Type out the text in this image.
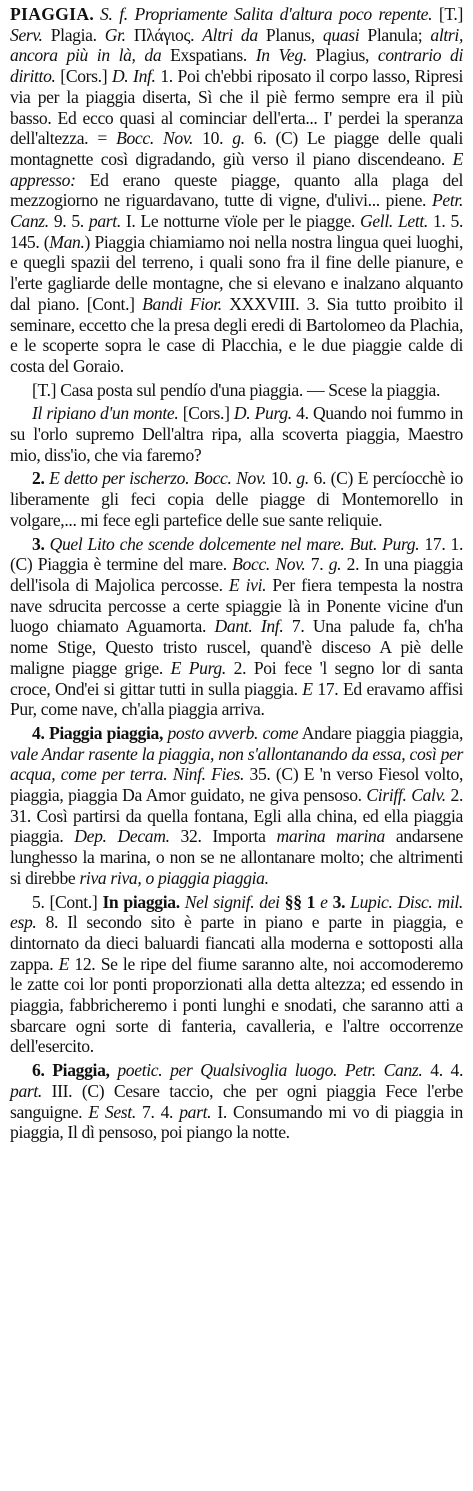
PIAGGIA. S. f. Propriamente Salita d'altura poco repente. [T.] Serv. Plagia. Gr. Πλάγιος. Altri da Planus, quasi Planula; altri, ancora più in là, da Exspatians. In Veg. Plagius, contrario di diritto. [Cors.] D. Inf. 1. Poi ch'ebbi riposato il corpo lasso, Ripresi via per la piaggia diserta, Sì che il piè fermo sempre era il più basso. Ed ecco quasi al cominciar dell'erta... I' perdei la speranza dell'altezza. = Bocc. Nov. 10. g. 6. (C) Le piagge delle quali montagnette così digradando, giù verso il piano discendeano. E appresso: Ed erano queste piagge, quanto alla plaga del mezzogiorno ne riguardavano, tutte di vigne, d'ulivi... piene. Petr. Canz. 9. 5. part. I. Le notturne vïole per le piagge. Gell. Lett. 1. 5. 145. (Man.) Piaggia chiamiamo noi nella nostra lingua quei luoghi, e quegli spazii del terreno, i quali sono fra il fine delle pianure, e l'erte gagliarde delle montagne, che si elevano e inalzano alquanto dal piano. [Cont.] Bandi Fior. XXXVIII. 3. Sia tutto proibito il seminare, eccetto che la presa degli eredi di Bartolomeo da Plachia, e le scoperte sopra le case di Placchia, e le due piaggie calde di costa del Goraio.

[T.] Casa posta sul pendío d'una piaggia. — Scese la piaggia.

Il ripiano d'un monte. [Cors.] D. Purg. 4. Quando noi fummo in su l'orlo supremo Dell'altra ripa, alla scoverta piaggia, Maestro mio, diss'io, che via faremo?

2. E detto per ischerzo. Bocc. Nov. 10. g. 6. (C) E percíocchè io liberamente gli feci copia delle piagge di Montemorello in volgare,... mi fece egli partefice delle sue sante reliquie.

3. Quel Lito che scende dolcemente nel mare. But. Purg. 17. 1. (C) Piaggia è termine del mare. Bocc. Nov. 7. g. 2. In una piaggia dell'isola di Majolica percosse. E ivi. Per fiera tempesta la nostra nave sdrucita percosse a certe spiaggie là in Ponente vicine d'un luogo chiamato Aguamorta. Dant. Inf. 7. Una palude fa, ch'ha nome Stige, Questo tristo ruscel, quand'è disceso A piè delle maligne piagge grige. E Purg. 2. Poi fece 'l segno lor di santa croce, Ond'ei si gittar tutti in sulla piaggia. E 17. Ed eravamo affisi Pur, come nave, ch'alla piaggia arriva.

4. Piaggia piaggia, posto avverb. come Andare piaggia piaggia, vale Andar rasente la piaggia, non s'allontanando da essa, così per acqua, come per terra. Ninf. Fies. 35. (C) E 'n verso Fiesol volto, piaggia, piaggia Da Amor guidato, ne giva pensoso. Ciriff. Calv. 2. 31. Così partirsi da quella fontana, Egli alla china, ed ella piaggia piaggia. Dep. Decam. 32. Importa marina marina andarsene lunghesso la marina, o non se ne allontanare molto; che altrimenti si direbbe riva riva, o piaggia piaggia.

5. [Cont.] In piaggia. Nel signif. dei §§ 1 e 3. Lupic. Disc. mil. esp. 8. Il secondo sito è parte in piano e parte in piaggia, e dintornato da dieci baluardi fiancati alla moderna e sottoposti alla zappa. E 12. Se le ripe del fiume saranno alte, noi accomoderemo le zatte coi lor ponti proporzionati alla detta altezza; ed essendo in piaggia, fabbricheremo i ponti lunghi e snodati, che saranno atti a sbarcare ogni sorte di fanteria, cavalleria, e l'altre occorrenze dell'esercito.

6. Piaggia, poetic. per Qualsivoglia luogo. Petr. Canz. 4. 4. part. III. (C) Cesare taccio, che per ogni piaggia Fece l'erbe sanguigne. E Sest. 7. 4. part. I. Consumando mi vo di piaggia in piaggia, Il dì pensoso, poi piango la notte.
